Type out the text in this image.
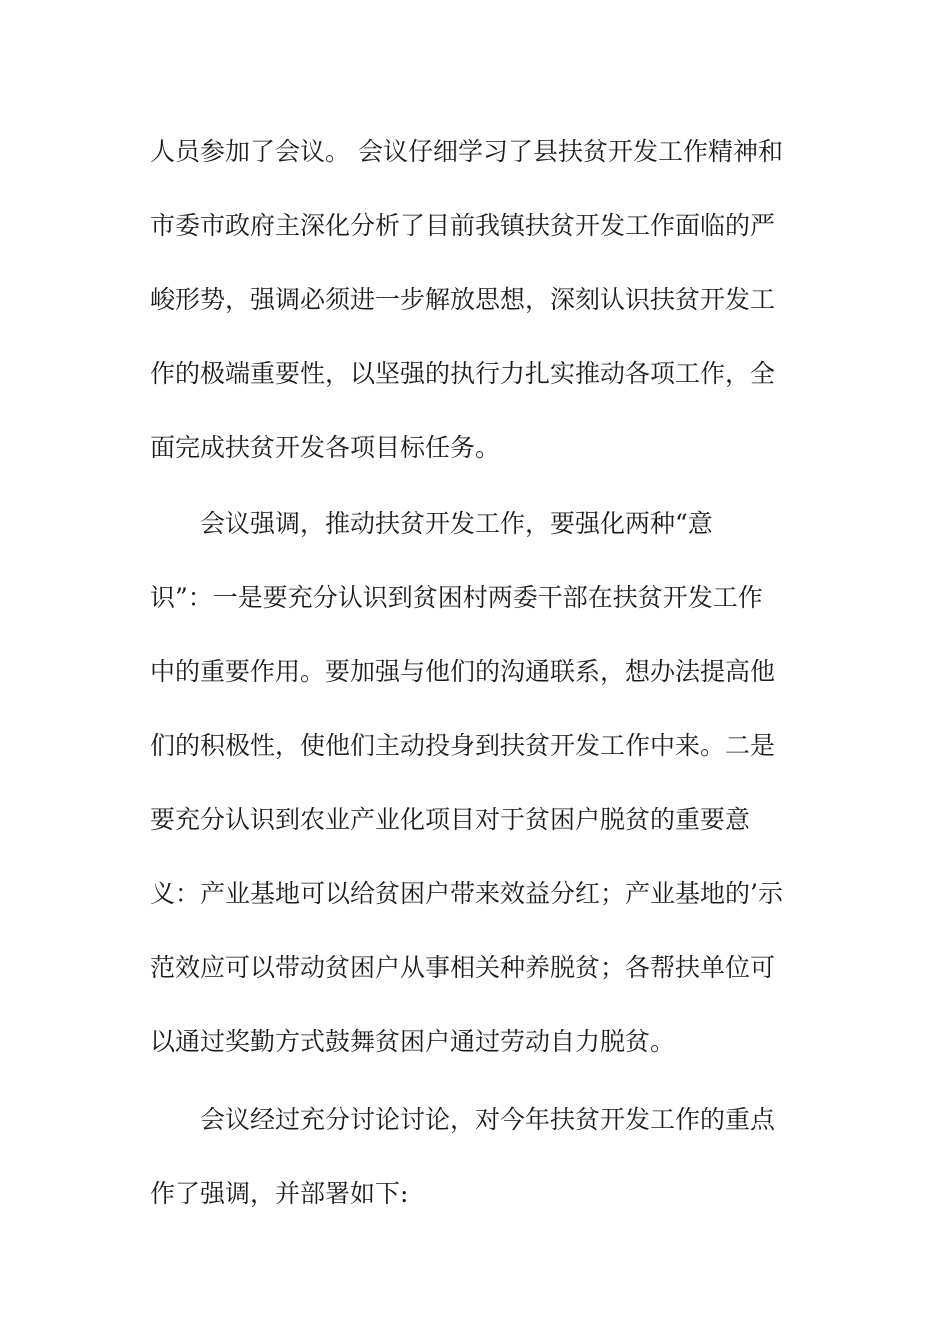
人员参加了会议。 会议仔细学习了县扶贫开发工作精神和
市委市政府主深化分析了目前我镇扶贫开发工作面临的严
峻形势，强调必须进一步解放思想，深刻认识扶贫开发工
作的极端重要性，以坚强的执行力扎实推动各项工作，全
面完成扶贫开发各项目标任务。
会议强调，推动扶贫开发工作，要强化两种“意
识”：一是要充分认识到贫困村两委干部在扶贫开发工作
中的重要作用。要加强与他们的沟通联系，想办法提高他
们的积极性，使他们主动投身到扶贫开发工作中来。二是
要充分认识到农业产业化项目对于贫困户脱贫的重要意
义：产业基地可以给贫困户带来效益分红；产业基地的’示
范效应可以带动贫困户从事相关种养脱贫；各帮扶单位可
以通过奖勤方式鼓舞贫困户通过劳动自力脱贫。
会议经过充分讨论讨论，对今年扶贫开发工作的重点
作了强调，并部署如下:
